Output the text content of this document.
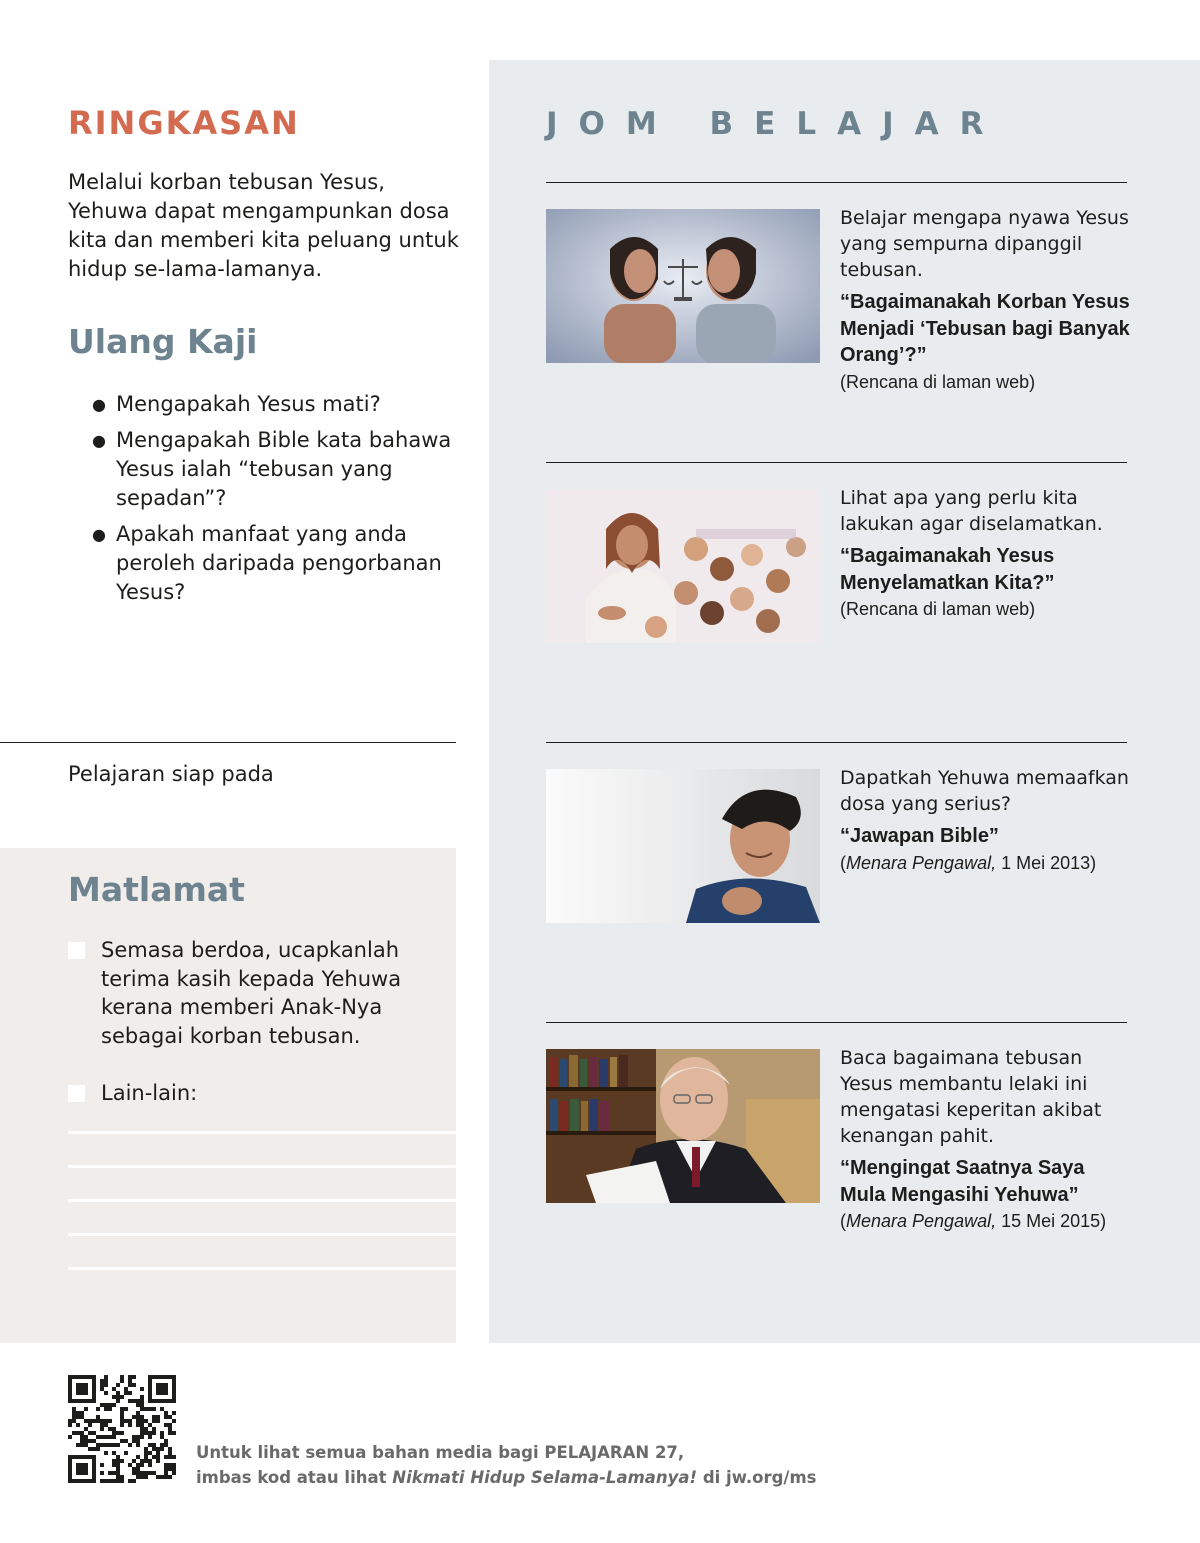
RINGKASAN

Melalui korban tebusan Yesus, Yehuwa dapat mengampunkan dosa kita dan memberi kita peluang untuk hidup se-lama-lamanya.

Ulang Kaji
● Mengapakah Yesus mati?
● Mengapakah Bible kata bahawa Yesus ialah “tebusan yang sepadan”?
● Apakah manfaat yang anda peroleh daripada pengorbanan Yesus?
Pelajaran siap pada
Matlamat
Semasa berdoa, ucapkanlah terima kasih kepada Yehuwa kerana memberi Anak-Nya sebagai korban tebusan.
Lain-lain:
JOM BELAJAR
Belajar mengapa nyawa Yesus yang sempurna dipanggil tebusan.
“Bagaimanakah Korban Yesus Menjadi ‘Tebusan bagi Banyak Orang’?”
(Rencana di laman web)
Lihat apa yang perlu kita lakukan agar diselamatkan.
“Bagaimanakah Yesus Menyelamatkan Kita?”
(Rencana di laman web)
Dapatkah Yehuwa memaafkan dosa yang serius?
“Jawapan Bible”
(Menara Pengawal, 1 Mei 2013)
Baca bagaimana tebusan Yesus membantu lelaki ini mengatasi keperitan akibat kenangan pahit.
“Mengingat Saatnya Saya Mula Mengasihi Yehuwa”
(Menara Pengawal, 15 Mei 2015)
Untuk lihat semua bahan media bagi PELAJARAN 27,
imbas kod atau lihat Nikmati Hidup Selama-Lamanya! di jw.org/ms
